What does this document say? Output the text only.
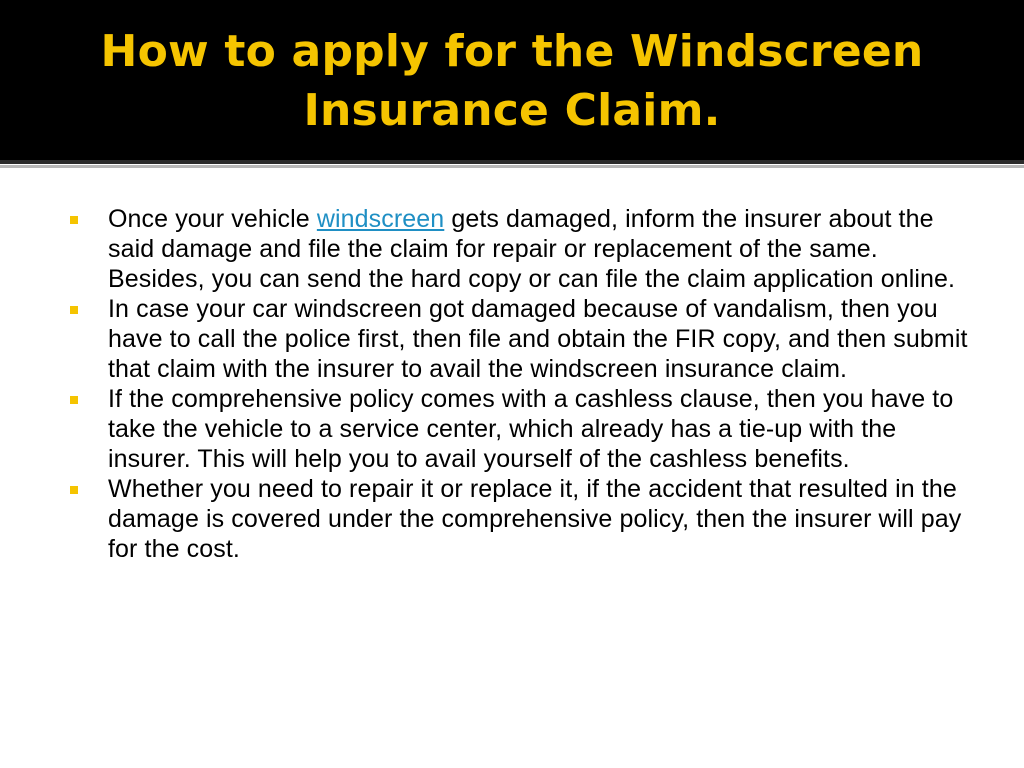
How to apply for the Windscreen
Insurance Claim.
Once your vehicle windscreen gets damaged, inform the insurer about the said damage and file the claim for repair or replacement of the same. Besides, you can send the hard copy or can file the claim application online.
In case your car windscreen got damaged because of vandalism, then you have to call the police first, then file and obtain the FIR copy, and then submit that claim with the insurer to avail the windscreen insurance claim.
If the comprehensive policy comes with a cashless clause, then you have to take the vehicle to a service center, which already has a tie-up with the insurer. This will help you to avail yourself of the cashless benefits.
Whether you need to repair it or replace it, if the accident that resulted in the damage is covered under the comprehensive policy, then the insurer will pay for the cost.
